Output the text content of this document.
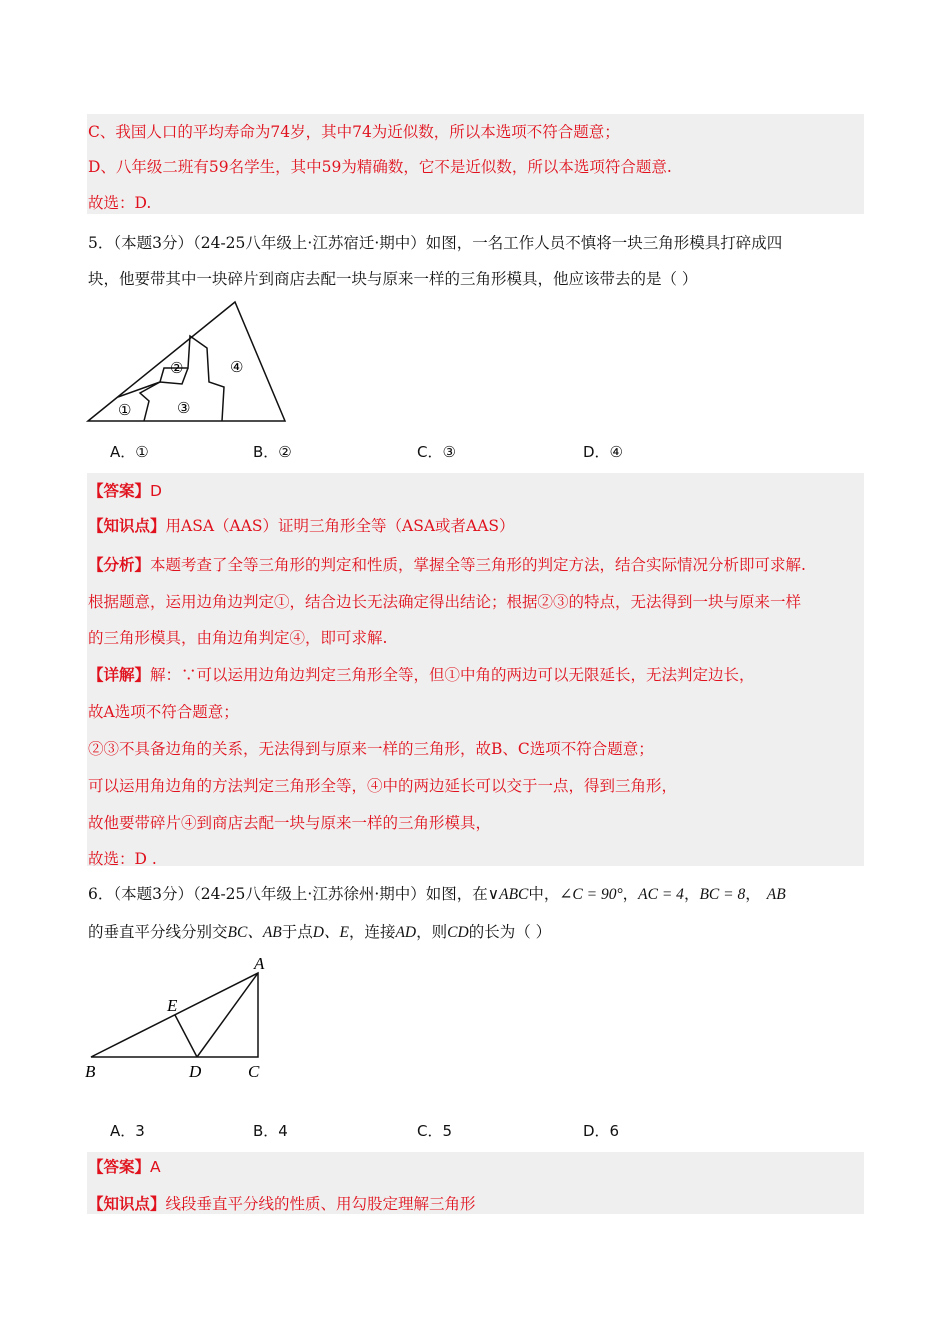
C、我国人口的平均寿命为74岁，其中74为近似数，所以本选项不符合题意；
D、八年级二班有59名学生，其中59为精确数，它不是近似数，所以本选项符合题意.
故选：D.
5．（本题3分）（24-25八年级上·江苏宿迁·期中）如图，一名工作人员不慎将一块三角形模具打碎成四
块，他要带其中一块碎片到商店去配一块与原来一样的三角形模具，他应该带去的是（ ）
①
②
③
④
A．①	B．②	C．③	D．④
【答案】D
【知识点】用ASA（AAS）证明三角形全等（ASA或者AAS）
【分析】本题考查了全等三角形的判定和性质，掌握全等三角形的判定方法，结合实际情况分析即可求解.
根据题意，运用边角边判定①，结合边长无法确定得出结论；根据②③的特点，无法得到一块与原来一样
的三角形模具，由角边角判定④，即可求解.
【详解】解：∵可以运用边角边判定三角形全等，但①中角的两边可以无限延长，无法判定边长，
故A选项不符合题意；
②③不具备边角的关系，无法得到与原来一样的三角形，故B、C选项不符合题意；
可以运用角边角的方法判定三角形全等，④中的两边延长可以交于一点，得到三角形，
故他要带碎片④到商店去配一块与原来一样的三角形模具，
故选：D .
6．（本题3分）（24-25八年级上·江苏徐州·期中）如图，在∨ABC中，∠C = 90°，AC = 4，BC = 8， AB
的垂直平分线分别交BC、AB于点D、E，连接AD，则CD的长为（ ）
A
E
B	D	C
A．3	B．4	C．5	D．6
【答案】A
【知识点】线段垂直平分线的性质、用勾股定理解三角形
